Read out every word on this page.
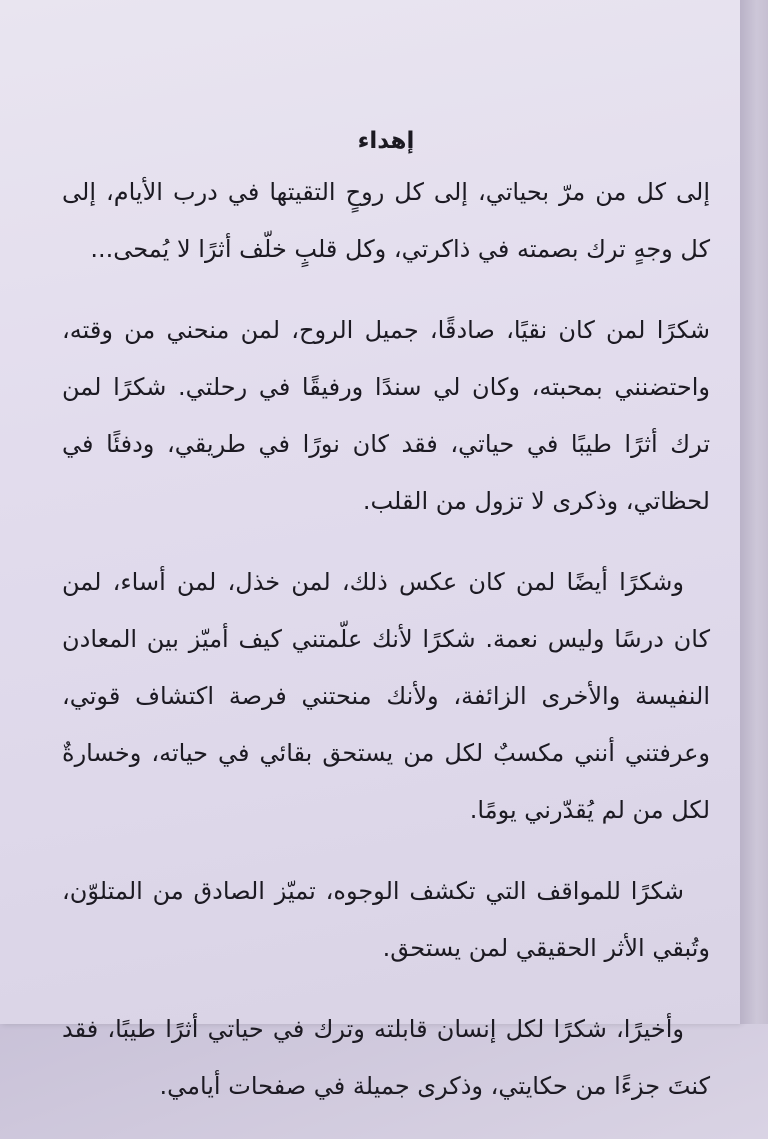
إهداء

إلى كل من مرّ بحياتي، إلى كل روحٍ التقيتها في درب الأيام، إلى كل وجهٍ ترك بصمته في ذاكرتي، وكل قلبٍ خلّف أثرًا لا يُمحى...

شكرًا لمن كان نقيًا، صادقًا، جميل الروح، لمن منحني من وقته، واحتضنني بمحبته، وكان لي سندًا ورفيقًا في رحلتي. شكرًا لمن ترك أثرًا طيبًا في حياتي، فقد كان نورًا في طريقي، ودفئًا في لحظاتي، وذكرى لا تزول من القلب.

وشكرًا أيضًا لمن كان عكس ذلك، لمن خذل، لمن أساء، لمن كان درسًا وليس نعمة. شكرًا لأنك علّمتني كيف أميّز بين المعادن النفيسة والأخرى الزائفة، ولأنك منحتني فرصة اكتشاف قوتي، وعرفتني أنني مكسبٌ لكل من يستحق بقائي في حياته، وخسارةٌ لكل من لم يُقدّرني يومًا.

شكرًا للمواقف التي تكشف الوجوه، تميّز الصادق من المتلوّن، وتُبقي الأثر الحقيقي لمن يستحق.

وأخيرًا، شكرًا لكل إنسان قابلته وترك في حياتي أثرًا طيبًا، فقد كنتَ جزءًا من حكايتي، وذكرى جميلة في صفحات أيامي.
